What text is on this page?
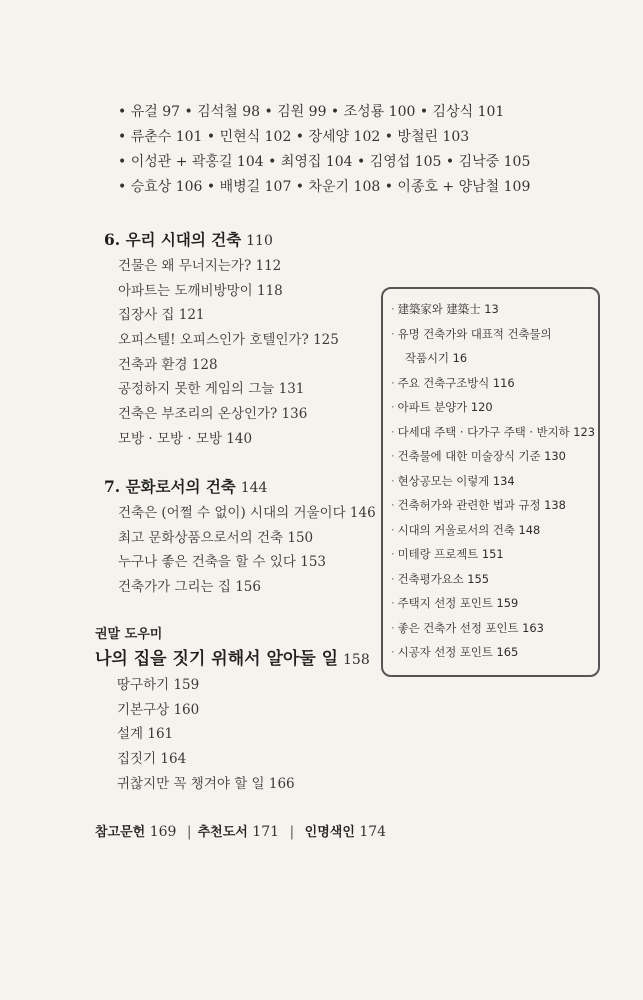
• 유걸 97 • 김석철 98 • 김원 99 • 조성룡 100 • 김상식 101
• 류춘수 101 • 민현식 102 • 장세양 102 • 방철린 103
• 이성관 + 곽홍길 104 • 최영집 104 • 김영섭 105 • 김낙중 105
• 승효상 106 • 배병길 107 • 차운기 108 • 이종호 + 양남철 109
6. 우리 시대의 건축 110
건물은 왜 무너지는가? 112
아파트는 도깨비방망이 118
집장사 집 121
오피스텔! 오피스인가 호텔인가? 125
건축과 환경 128
공정하지 못한 게임의 그늘 131
건축은 부조리의 온상인가? 136
모방 · 모방 · 모방 140
7. 문화로서의 건축 144
건축은 (어쩔 수 없이) 시대의 거울이다 146
최고 문화상품으로서의 건축 150
누구나 좋은 건축을 할 수 있다 153
건축가가 그리는 집 156
권말 도우미
나의 집을 짓기 위해서 알아둘 일 158
땅구하기 159
기본구상 160
설계 161
집짓기 164
귀찮지만 꼭 챙겨야 할 일 166
참고문헌 169 | 추천도서 171 | 인명색인 174
· 建築家와 建築士 13
· 유명 건축가와 대표적 건축물의
작품시기 16
· 주요 건축구조방식 116
· 아파트 분양가 120
· 다세대 주택 · 다가구 주택 · 반지하 123
· 건축물에 대한 미술장식 기준 130
· 현상공모는 이렇게 134
· 건축허가와 관련한 법과 규정 138
· 시대의 거울로서의 건축 148
· 미테랑 프로젝트 151
· 건축평가요소 155
· 주택지 선정 포인트 159
· 좋은 건축가 선정 포인트 163
· 시공자 선정 포인트 165
